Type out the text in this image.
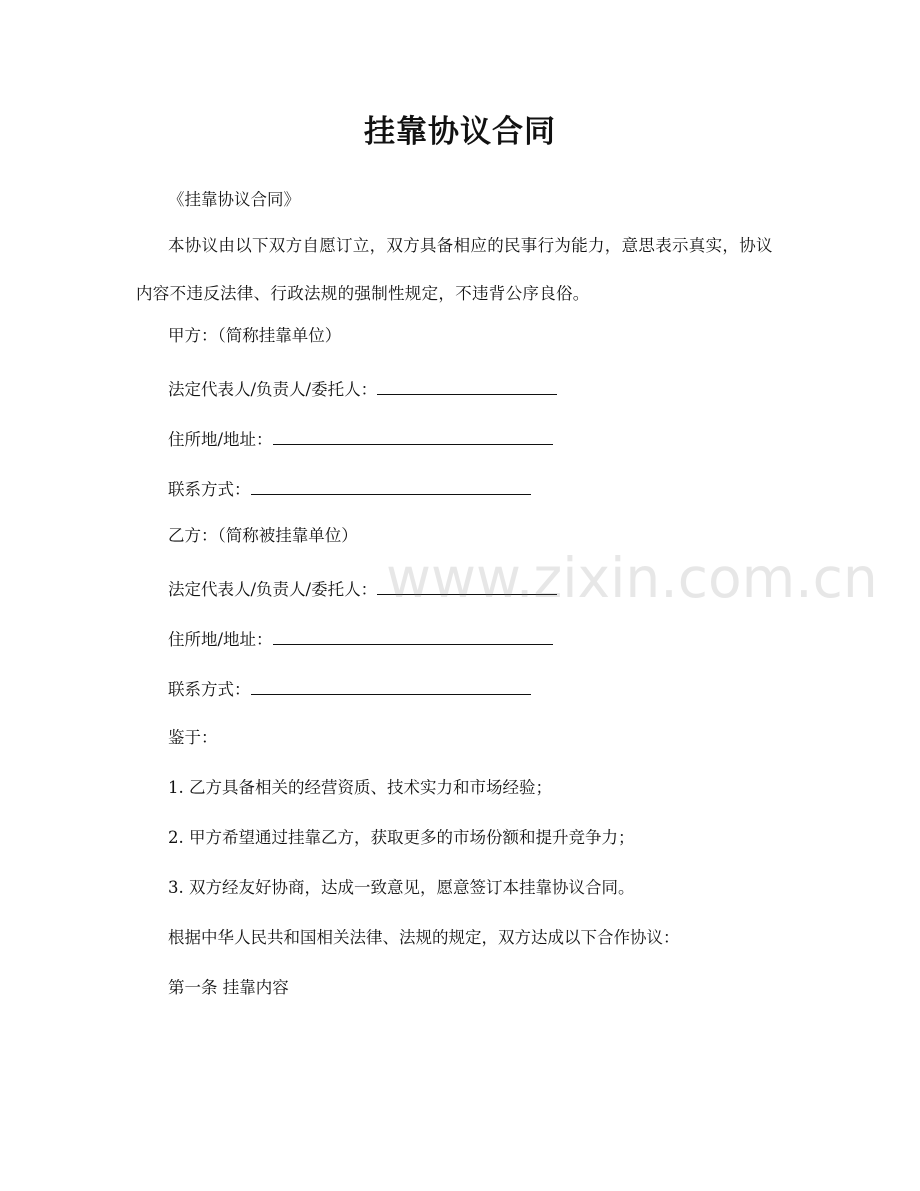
挂靠协议合同
《挂靠协议合同》
本协议由以下双方自愿订立，双方具备相应的民事行为能力，意思表示真实，协议内容不违反法律、行政法规的强制性规定，不违背公序良俗。
甲方：（简称挂靠单位）
法定代表人/负责人/委托人：
住所地/地址：
联系方式：
乙方：（简称被挂靠单位）
法定代表人/负责人/委托人：
住所地/地址：
联系方式：
鉴于：
1. 乙方具备相关的经营资质、技术实力和市场经验；
2. 甲方希望通过挂靠乙方，获取更多的市场份额和提升竞争力；
3. 双方经友好协商，达成一致意见，愿意签订本挂靠协议合同。
根据中华人民共和国相关法律、法规的规定，双方达成以下合作协议：
第一条 挂靠内容
www.zixin.com.cn
